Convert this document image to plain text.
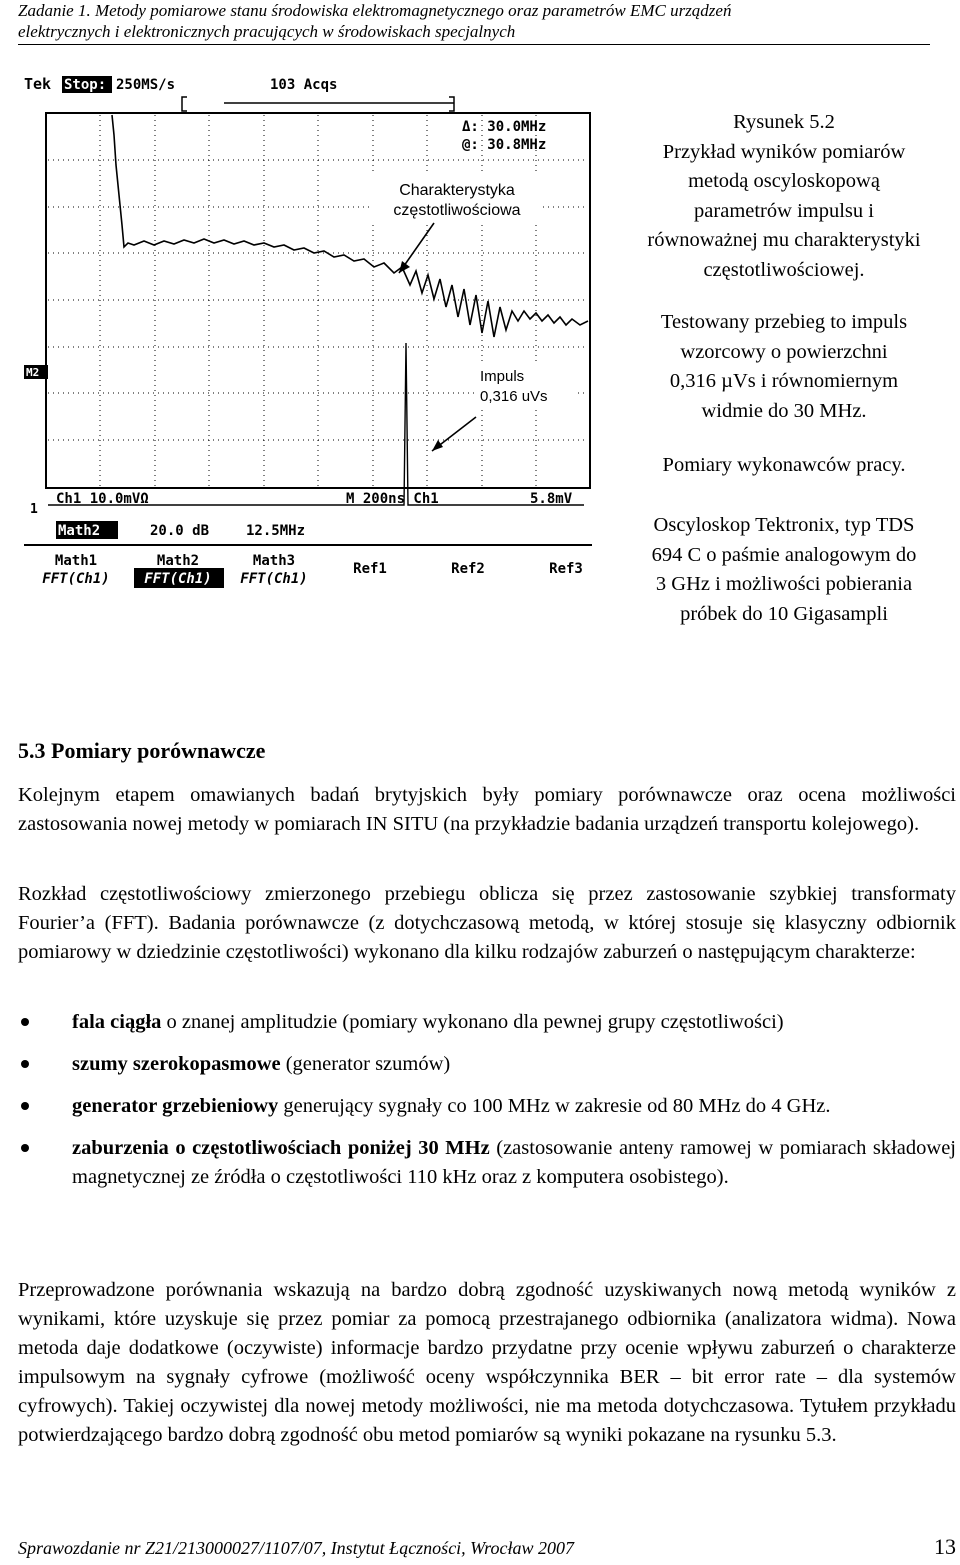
Zadanie 1. Metody pomiarowe stanu środowiska elektromagnetycznego oraz parametrów EMC urządzeń
elektrycznych i elektronicznych pracujących w środowiskach specjalnych
Tek Stop: 250MS/s	103 Acqs
Δ: 30.0MHz
@: 30.8MHz
Charakterystyka
częstotliwościowa
Impuls
0,316 uVs
M2
1
Ch1 10.0mVΩ	M 200ns Ch1	5.8mV
Math2	20.0 dB	12.5MHz
Math1
FFT(Ch1)
Math2
FFT(Ch1)
Math3
FFT(Ch1)
Ref1	Ref2	Ref3
Rysunek 5.2
Przykład wyników pomiarów
metodą oscyloskopową
parametrów impulsu i
równoważnej mu charakterystyki
częstotliwościowej.
Testowany przebieg to impuls
wzorcowy o powierzchni
0,316 µVs i równomiernym
widmie do 30 MHz.
Pomiary wykonawców pracy.
Oscyloskop Tektronix, typ TDS
694 C o paśmie analogowym do
3 GHz i możliwości pobierania
próbek do 10 Gigasampli
5.3 Pomiary porównawcze

Kolejnym etapem omawianych badań brytyjskich były pomiary porównawcze oraz ocena możliwości zastosowania nowej metody w pomiarach IN SITU (na przykładzie badania urządzeń transportu kolejowego).

Rozkład częstotliwościowy zmierzonego przebiegu oblicza się przez zastosowanie szybkiej transformaty Fourier’a (FFT). Badania porównawcze (z dotychczasową metodą, w której stosuje się klasyczny odbiornik pomiarowy w dziedzinie częstotliwości) wykonano dla kilku rodzajów zaburzeń o następującym charakterze:

fala ciągła o znanej amplitudzie (pomiary wykonano dla pewnej grupy częstotliwości)
szumy szerokopasmowe (generator szumów)
generator grzebieniowy generujący sygnały co 100 MHz w zakresie od 80 MHz do 4 GHz.
zaburzenia o częstotliwościach poniżej 30 MHz (zastosowanie anteny ramowej w pomiarach składowej magnetycznej ze źródła o częstotliwości 110 kHz oraz z komputera osobistego).

Przeprowadzone porównania wskazują na bardzo dobrą zgodność uzyskiwanych nową metodą wyników z wynikami, które uzyskuje się przez pomiar za pomocą przestrajanego odbiornika (analizatora widma). Nowa metoda daje dodatkowe (oczywiste) informacje bardzo przydatne przy ocenie wpływu zaburzeń o charakterze impulsowym na sygnały cyfrowe (możliwość oceny współczynnika BER – bit error rate – dla systemów cyfrowych). Takiej oczywistej dla nowej metody możliwości, nie ma metoda dotychczasowa. Tytułem przykładu potwierdzającego bardzo dobrą zgodność obu metod pomiarów są wyniki pokazane na rysunku 5.3.

Sprawozdanie nr Z21/213000027/1107/07, Instytut Łączności, Wrocław 2007	13
